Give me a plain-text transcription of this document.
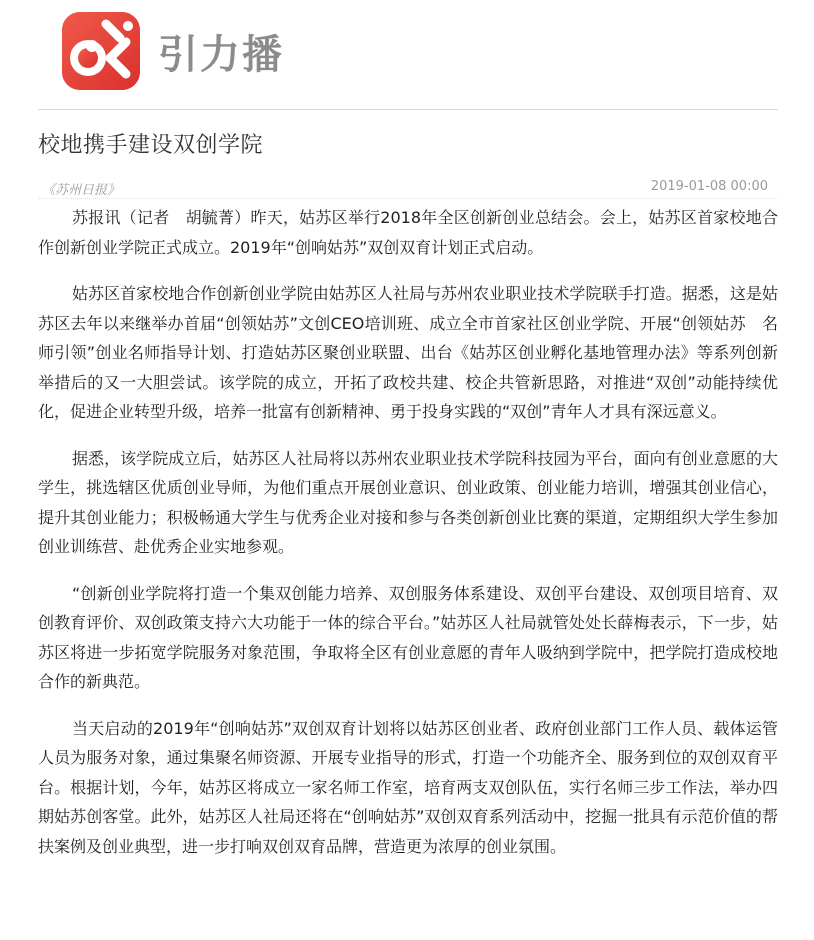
引力播
校地携手建设双创学院
《苏州日报》	2019-01-08 00:00

苏报讯（记者　胡毓菁）昨天，姑苏区举行2018年全区创新创业总结会。会上，姑苏区首家校地合作创新创业学院正式成立。2019年“创响姑苏”双创双育计划正式启动。

姑苏区首家校地合作创新创业学院由姑苏区人社局与苏州农业职业技术学院联手打造。据悉，这是姑苏区去年以来继举办首届“创领姑苏”文创CEO培训班、成立全市首家社区创业学院、开展“创领姑苏　名师引领”创业名师指导计划、打造姑苏区聚创业联盟、出台《姑苏区创业孵化基地管理办法》等系列创新举措后的又一大胆尝试。该学院的成立，开拓了政校共建、校企共管新思路，对推进“双创”动能持续优化，促进企业转型升级，培养一批富有创新精神、勇于投身实践的“双创”青年人才具有深远意义。

据悉，该学院成立后，姑苏区人社局将以苏州农业职业技术学院科技园为平台，面向有创业意愿的大学生，挑选辖区优质创业导师，为他们重点开展创业意识、创业政策、创业能力培训，增强其创业信心，提升其创业能力；积极畅通大学生与优秀企业对接和参与各类创新创业比赛的渠道，定期组织大学生参加创业训练营、赴优秀企业实地参观。

“创新创业学院将打造一个集双创能力培养、双创服务体系建设、双创平台建设、双创项目培育、双创教育评价、双创政策支持六大功能于一体的综合平台。”姑苏区人社局就管处处长薛梅表示，下一步，姑苏区将进一步拓宽学院服务对象范围，争取将全区有创业意愿的青年人吸纳到学院中，把学院打造成校地合作的新典范。

当天启动的2019年“创响姑苏”双创双育计划将以姑苏区创业者、政府创业部门工作人员、载体运管人员为服务对象，通过集聚名师资源、开展专业指导的形式，打造一个功能齐全、服务到位的双创双育平台。根据计划，今年，姑苏区将成立一家名师工作室，培育两支双创队伍，实行名师三步工作法，举办四期姑苏创客堂。此外，姑苏区人社局还将在“创响姑苏”双创双育系列活动中，挖掘一批具有示范价值的帮扶案例及创业典型，进一步打响双创双育品牌，营造更为浓厚的创业氛围。
